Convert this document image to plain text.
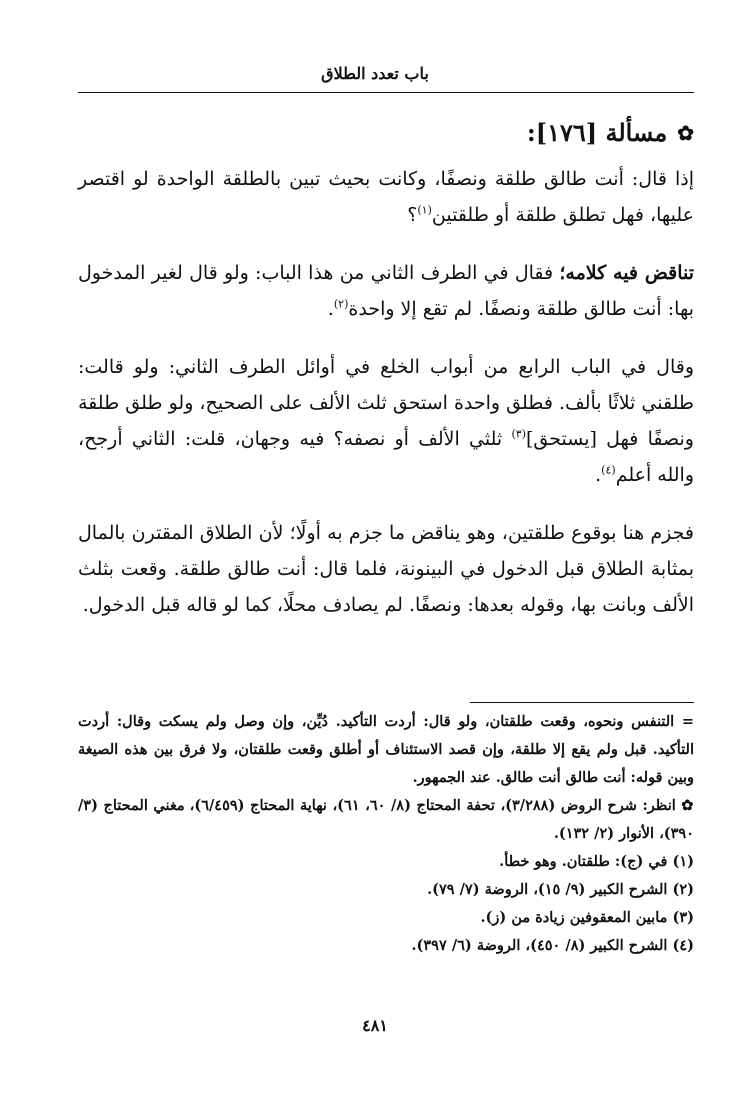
باب تعدد الطلاق
✿
مسألة [١٧٦]:

إذا قال: أنت طالق طلقة ونصفًا، وكانت بحيث تبين بالطلقة الواحدة لو اقتصر عليها، فهل تطلق طلقة أو طلقتين$^{(١)}$؟

تناقض فيه كلامه؛ فقال في الطرف الثاني من هذا الباب: ولو قال لغير المدخول بها: أنت طالق طلقة ونصفًا. لم تقع إلا واحدة$^{(٢)}$.

وقال في الباب الرابع من أبواب الخلع في أوائل الطرف الثاني: ولو قالت: طلقني ثلاثًا بألف. فطلق واحدة استحق ثلث الألف على الصحيح، ولو طلق طلقة ونصفًا فهل [يستحق]$^{(٣)}$ ثلثي الألف أو نصفه؟ فيه وجهان، قلت: الثاني أرجح، والله أعلم$^{(٤)}$.

فجزم هنا بوقوع طلقتين، وهو يناقض ما جزم به أولًا؛ لأن الطلاق المقترن بالمال بمثابة الطلاق قبل الدخول في البينونة، فلما قال: أنت طالق طلقة. وقعت بثلث الألف وبانت بها، وقوله بعدها: ونصفًا. لم يصادف محلًا، كما لو قاله قبل الدخول.

= التنفس ونحوه، وقعت طلقتان، ولو قال: أردت التأكيد. دُيِّن، وإن وصل ولم يسكت وقال: أردت التأكيد. قبل ولم يقع إلا طلقة، وإن قصد الاستئناف أو أطلق وقعت طلقتان، ولا فرق بين هذه الصيغة وبين قوله: أنت طالق أنت طالق. عند الجمهور.
✿ انظر: شرح الروض (٣/٢٨٨)، تحفة المحتاج (٨/ ٦٠، ٦١)، نهاية المحتاج (٦/٤٥٩)، مغني المحتاج (٣/ ٣٩٠)، الأنوار (٢/ ١٣٢).
(١) في (ج): طلقتان. وهو خطأ.
(٢) الشرح الكبير (٩/ ١٥)، الروضة (٧/ ٧٩).
(٣) مابين المعقوفين زيادة من (ز).
(٤) الشرح الكبير (٨/ ٤٥٠)، الروضة (٦/ ٣٩٧).
٤٨١
